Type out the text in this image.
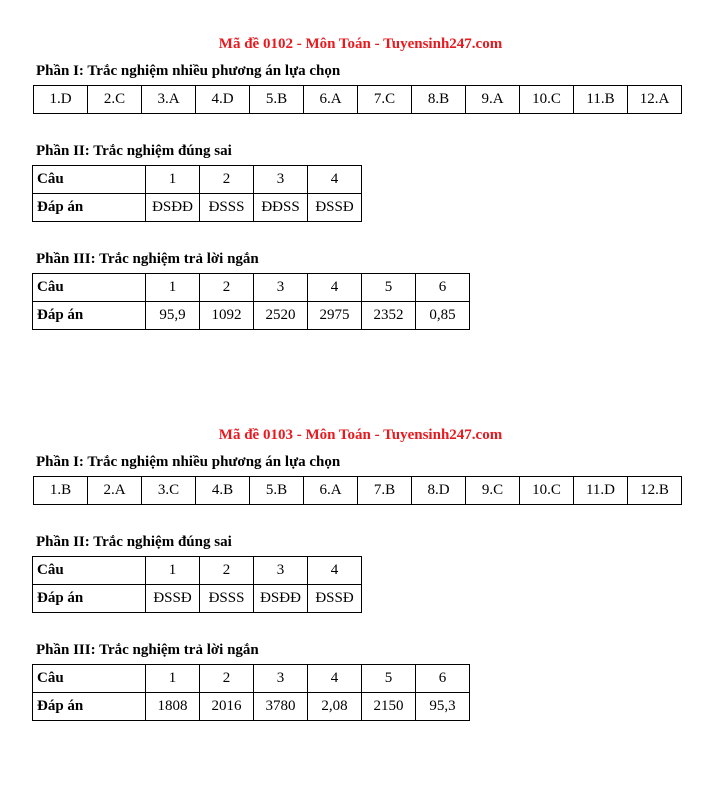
Mã đề 0102 - Môn Toán - Tuyensinh247.com
Phần I: Trắc nghiệm nhiều phương án lựa chọn
1.D	2.C	3.A	4.D	5.B	6.A	7.C	8.B	9.A	10.C	11.B	12.A
Phần II: Trắc nghiệm đúng sai
Câu	1	2	3	4
Đáp án	ĐSĐĐ	ĐSSS	ĐĐSS	ĐSSĐ
Phần III: Trắc nghiệm trả lời ngắn
Câu	1	2	3	4	5	6
Đáp án	95,9	1092	2520	2975	2352	0,85
Mã đề 0103 - Môn Toán - Tuyensinh247.com
Phần I: Trắc nghiệm nhiều phương án lựa chọn
1.B	2.A	3.C	4.B	5.B	6.A	7.B	8.D	9.C	10.C	11.D	12.B
Phần II: Trắc nghiệm đúng sai
Câu	1	2	3	4
Đáp án	ĐSSĐ	ĐSSS	ĐSĐĐ	ĐSSĐ
Phần III: Trắc nghiệm trả lời ngắn
Câu	1	2	3	4	5	6
Đáp án	1808	2016	3780	2,08	2150	95,3
